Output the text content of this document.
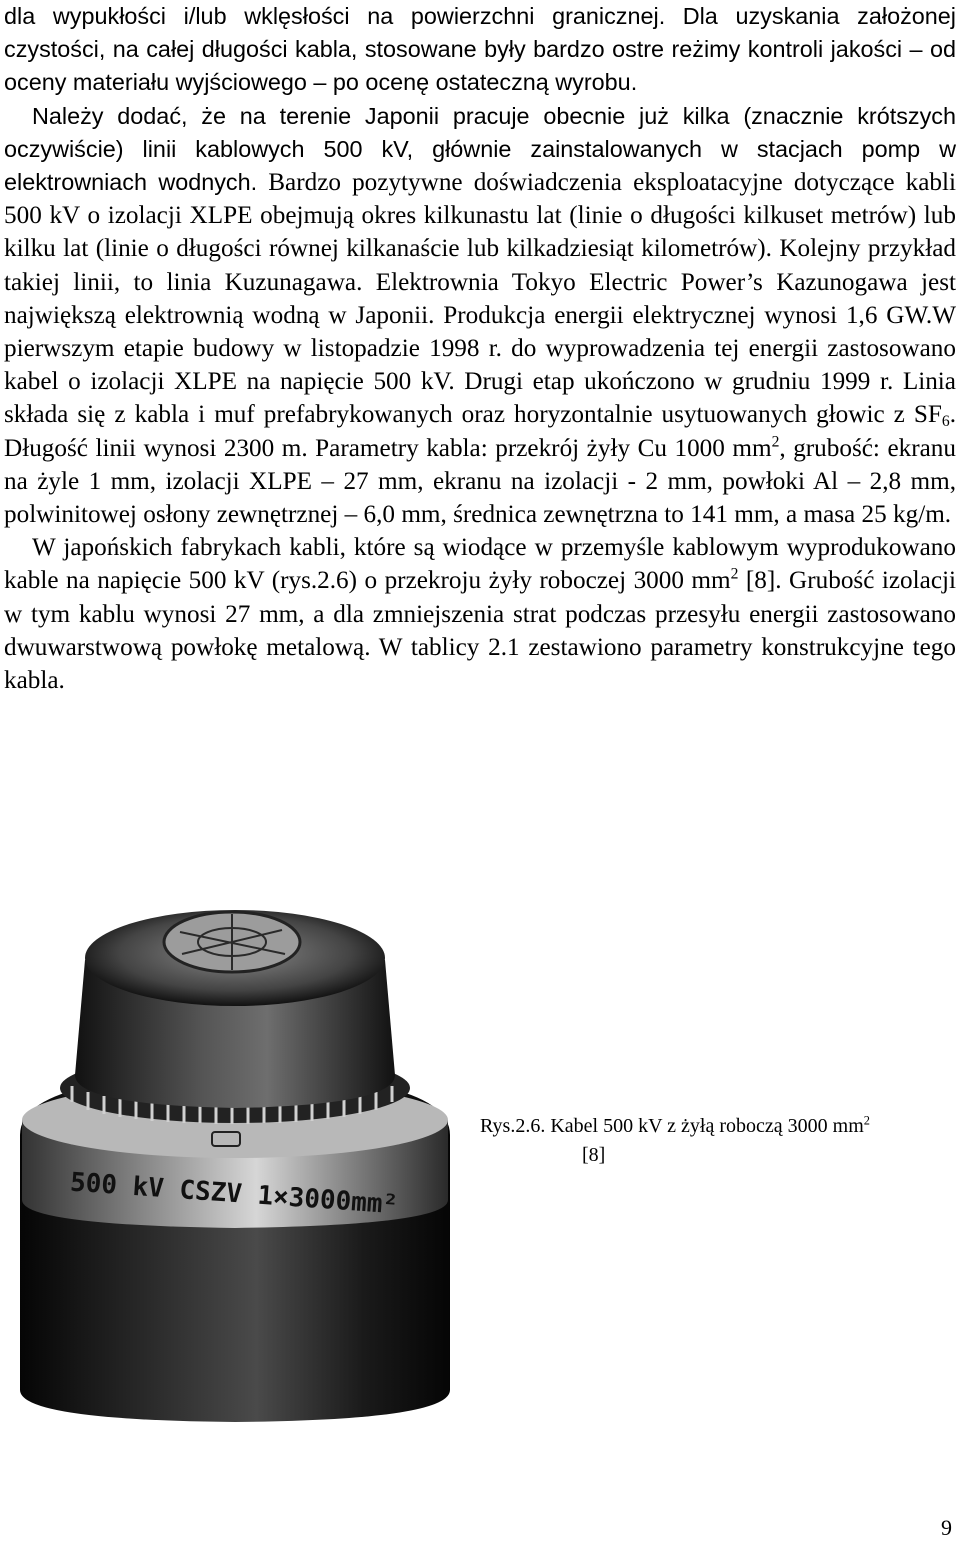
dla wypukłości i/lub wklęsłości na powierzchni granicznej. Dla uzyskania założonej czystości, na całej długości kabla, stosowane były bardzo ostre reżimy kontroli jakości – od oceny materiału wyjściowego – po ocenę ostateczną wyrobu.

Należy dodać, że na terenie Japonii pracuje obecnie już kilka (znacznie krótszych oczywiście) linii kablowych 500 kV, głównie zainstalowanych w stacjach pomp w elektrowniach wodnych. Bardzo pozytywne doświadczenia eksploatacyjne dotyczące kabli 500 kV o izolacji XLPE obejmują okres kilkunastu lat (linie o długości kilkuset metrów) lub kilku lat (linie o długości równej kilkanaście lub kilkadziesiąt kilometrów). Kolejny przykład takiej linii, to linia Kuzunagawa. Elektrownia Tokyo Electric Power’s Kazunogawa jest największą elektrownią wodną w Japonii. Produkcja energii elektrycznej wynosi 1,6 GW.W pierwszym etapie budowy w listopadzie 1998 r. do wyprowadzenia tej energii zastosowano kabel o izolacji XLPE na napięcie 500 kV. Drugi etap ukończono w grudniu 1999 r. Linia składa się z kabla i muf prefabrykowanych oraz horyzontalnie usytuowanych głowic z $SF_6$. Długość linii wynosi 2300 m. Parametry kabla: przekrój żyły Cu 1000 $mm^2$, grubość: ekranu na żyle 1 mm, izolacji XLPE – 27 mm, ekranu na izolacji - 2 mm, powłoki Al – 2,8 mm, polwinitowej osłony zewnętrznej – 6,0 mm, średnica zewnętrzna to 141 mm, a masa 25 kg/m.

W japońskich fabrykach kabli, które są wiodące w przemyśle kablowym wyprodukowano kable na napięcie 500 kV (rys.2.6) o przekroju żyły roboczej 3000 $mm^2$ [8]. Grubość izolacji w tym kablu wynosi 27 mm, a dla zmniejszenia strat podczas przesyłu energii zastosowano dwuwarstwową powłokę metalową. W tablicy 2.1 zestawiono parametry konstrukcyjne tego kabla.

500 kV CSZV 1×3000mm²
Rys.2.6. Kabel 500 kV z żyłą roboczą 3000 $mm^2$
[8]
9
